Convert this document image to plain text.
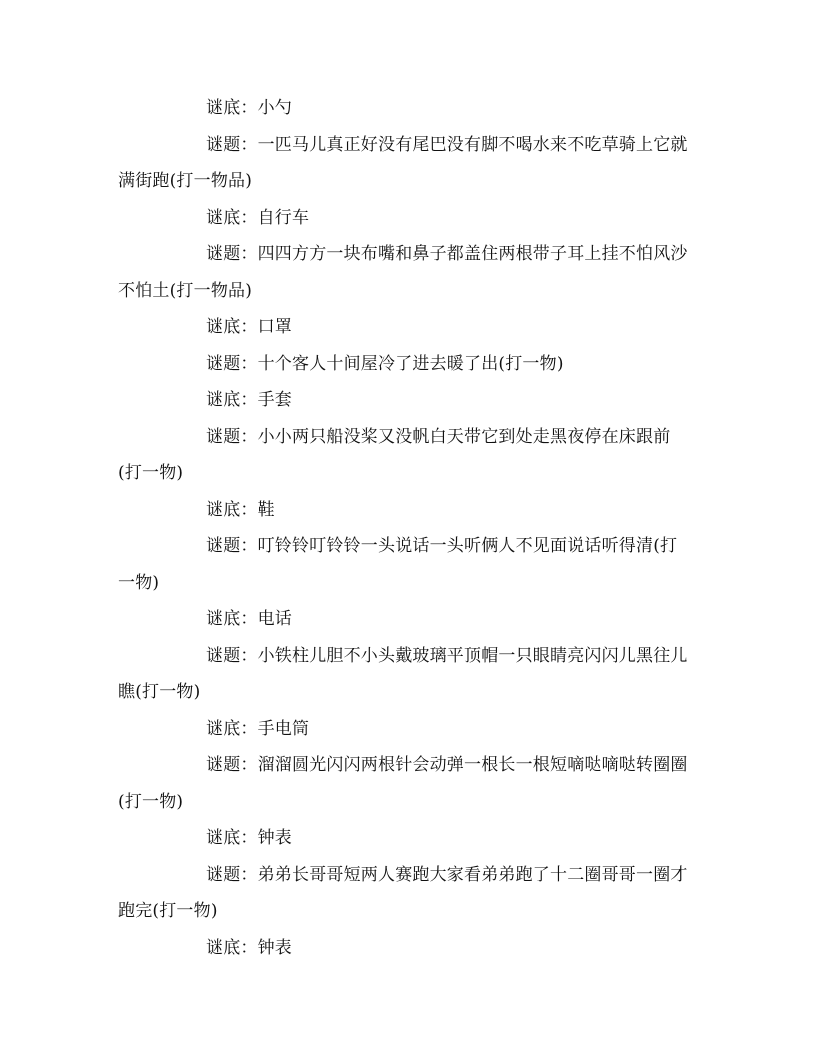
谜底：小勺

谜题：一匹马儿真正好没有尾巴没有脚不喝水来不吃草骑上它就满街跑(打一物品)

谜底：自行车

谜题：四四方方一块布嘴和鼻子都盖住两根带子耳上挂不怕风沙不怕土(打一物品)

谜底：口罩

谜题：十个客人十间屋冷了进去暖了出(打一物)

谜底：手套

谜题：小小两只船没桨又没帆白天带它到处走黑夜停在床跟前(打一物)

谜底：鞋

谜题：叮铃铃叮铃铃一头说话一头听俩人不见面说话听得清(打一物)

谜底：电话

谜题：小铁柱儿胆不小头戴玻璃平顶帽一只眼睛亮闪闪儿黑往儿瞧(打一物)

谜底：手电筒

谜题：溜溜圆光闪闪两根针会动弹一根长一根短嘀哒嘀哒转圈圈(打一物)

谜底：钟表

谜题：弟弟长哥哥短两人赛跑大家看弟弟跑了十二圈哥哥一圈才跑完(打一物)

谜底：钟表
